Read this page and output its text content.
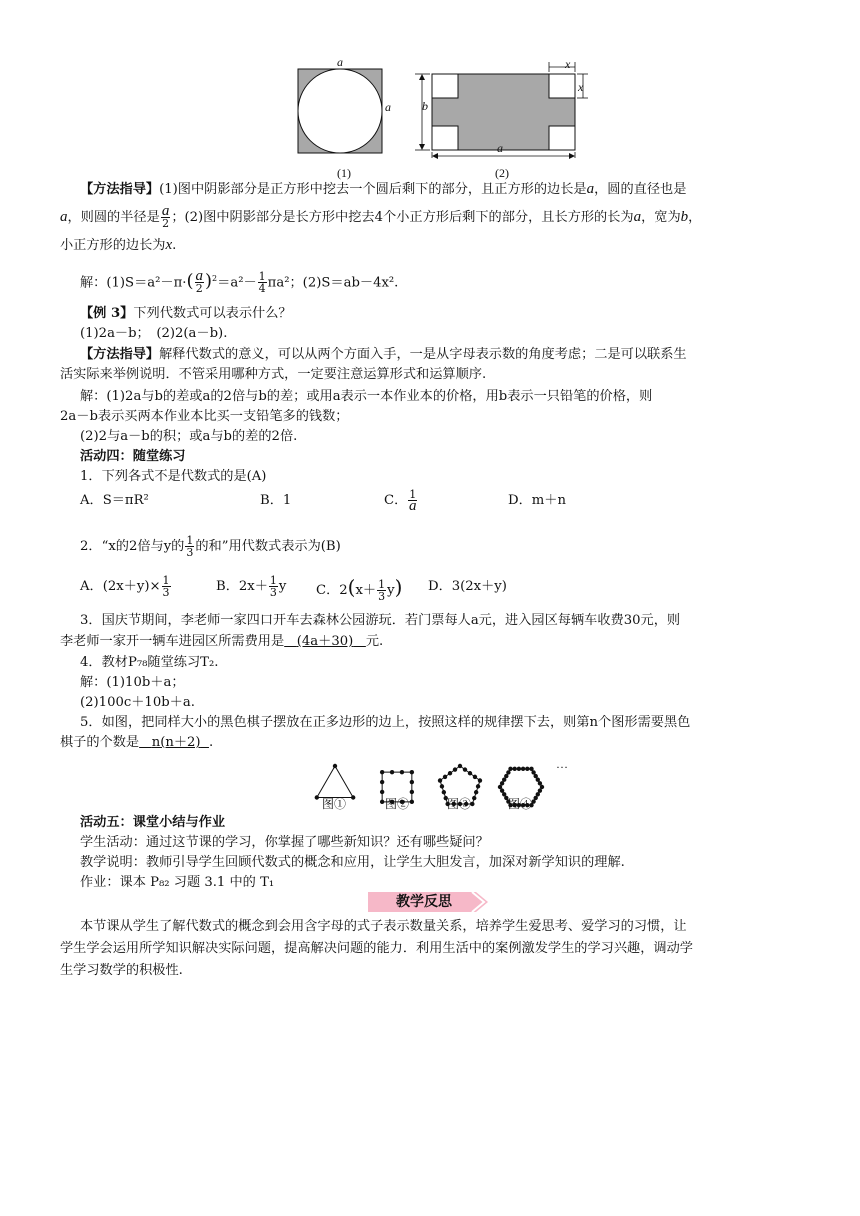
a
a
(1)
b
a
x
x
(2)
【方法指导】(1)图中阴影部分是正方形中挖去一个圆后剩下的部分，且正方形的边长是a，圆的直径也是
a，则圆的半径是 $\frac{a}{2}$ ；(2)图中阴影部分是长方形中挖去4个小正方形后剩下的部分，且长方形的长为a，宽为b，
小正方形的边长为x.
解：$(1)S=a^2-\pi\cdot( \frac{a}{2} )^2=a^2- \frac{1}{4} \pi a^2$；(2)S＝ab－4x².
【例 3】下列代数式可以表示什么？
(1)2a－b；　(2)2(a－b).
【方法指导】解释代数式的意义，可以从两个方面入手，一是从字母表示数的角度考虑；二是可以联系生
活实际来举例说明．不管采用哪种方式，一定要注意运算形式和运算顺序.
解：(1)2a与b的差或a的2倍与b的差；或用a表示一本作业本的价格，用b表示一只铅笔的价格，则
2a－b表示买两本作业本比买一支铅笔多的钱数；
(2)2与a－b的积；或a与b的差的2倍.
活动四：随堂练习
1．下列各式不是代数式的是(A)
A．S＝πR²	B．1	C． $\frac{1}{a}$	D．m＋n
2．“x的2倍与y的 $\frac{1}{3}$ 的和”用代数式表示为(B)
A．$(2x+y)\times \frac{1}{3}$	B．$2x+ \frac{1}{3}$ y C．$2(x+ \frac{1}{3} y)$ D．3(2x＋y)
3．国庆节期间，李老师一家四口开车去森林公园游玩．若门票每人a元，进入园区每辆车收费30元，则
李老师一家开一辆车进园区所需费用是 (4a＋30) 元.
4．教材P₇₈随堂练习T₂.
解：(1)10b＋a；
(2)100c＋10b＋a.
5．如图，把同样大小的黑色棋子摆放在正多边形的边上，按照这样的规律摆下去，则第n个图形需要黑色
棋子的个数是 n(n＋2) .
图①	图②	图③	图④
…
活动五：课堂小结与作业
学生活动：通过这节课的学习，你掌握了哪些新知识？还有哪些疑问？
教学说明：教师引导学生回顾代数式的概念和应用，让学生大胆发言，加深对新学知识的理解.
作业：课本 P₈₂ 习题 3.1 中的 T₁
教学反思
本节课从学生了解代数式的概念到会用含字母的式子表示数量关系，培养学生爱思考、爱学习的习惯，让
学生学会运用所学知识解决实际问题，提高解决问题的能力．利用生活中的案例激发学生的学习兴趣，调动学
生学习数学的积极性.
